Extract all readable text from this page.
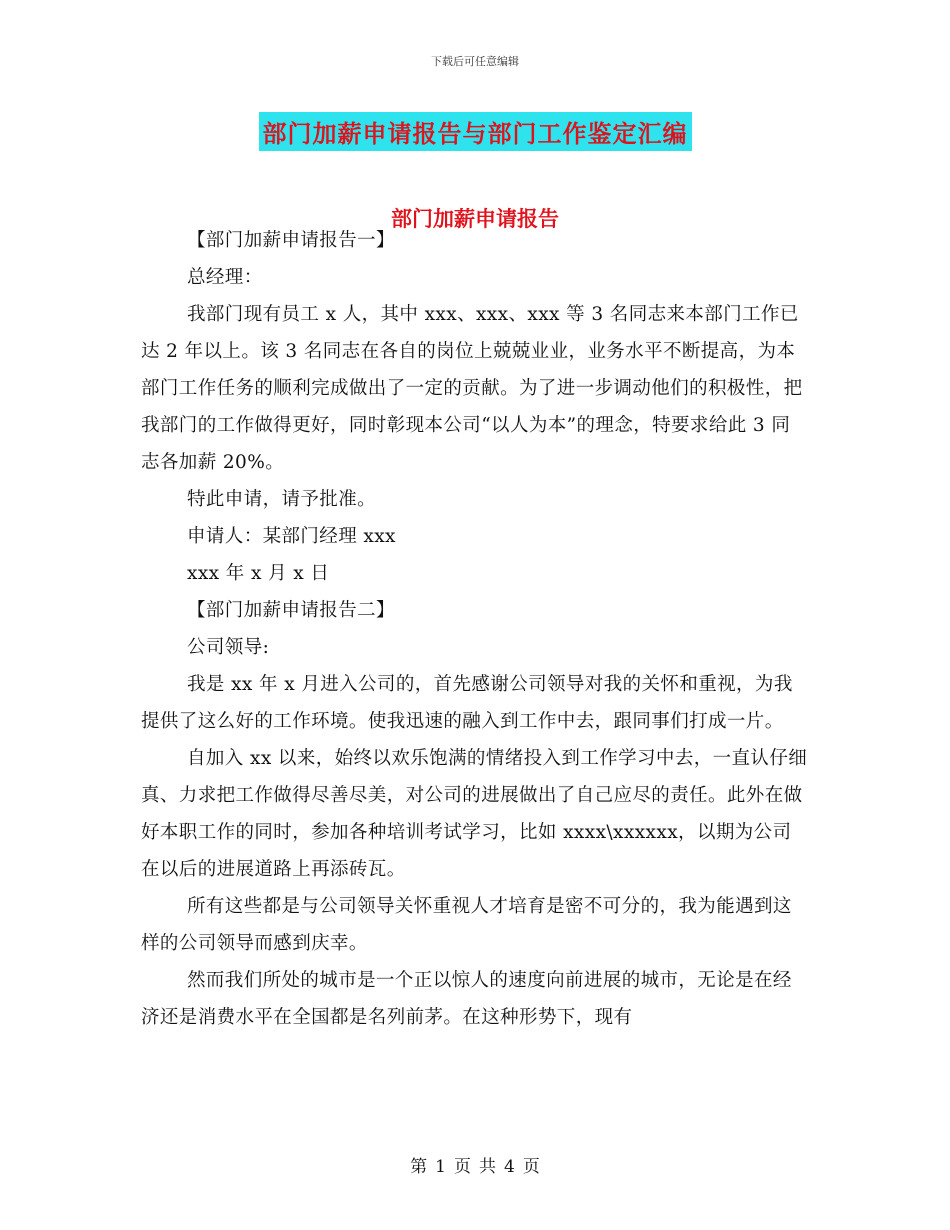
下载后可任意编辑
部门加薪申请报告与部门工作鉴定汇编
部门加薪申请报告

【部门加薪申请报告一】

总经理：

我部门现有员工 x 人，其中 xxx、xxx、xxx 等 3 名同志来本部门工作已达 2 年以上。该 3 名同志在各自的岗位上兢兢业业，业务水平不断提高，为本部门工作任务的顺利完成做出了一定的贡献。为了进一步调动他们的积极性，把我部门的工作做得更好，同时彰现本公司“以人为本”的理念，特要求给此 3 同志各加薪 20%。

特此申请，请予批准。

申请人：某部门经理 xxx

xxx 年 x 月 x 日

【部门加薪申请报告二】

公司领导:

我是 xx 年 x 月进入公司的，首先感谢公司领导对我的关怀和重视，为我提供了这么好的工作环境。使我迅速的融入到工作中去，跟同事们打成一片。

自加入 xx 以来，始终以欢乐饱满的情绪投入到工作学习中去，一直认仔细真、力求把工作做得尽善尽美，对公司的进展做出了自己应尽的责任。此外在做好本职工作的同时，参加各种培训考试学习，比如 xxxx\xxxxxx，以期为公司在以后的进展道路上再添砖瓦。

所有这些都是与公司领导关怀重视人才培育是密不可分的，我为能遇到这样的公司领导而感到庆幸。

然而我们所处的城市是一个正以惊人的速度向前进展的城市，无论是在经济还是消费水平在全国都是名列前茅。在这种形势下，现有

第 1 页 共 4 页
